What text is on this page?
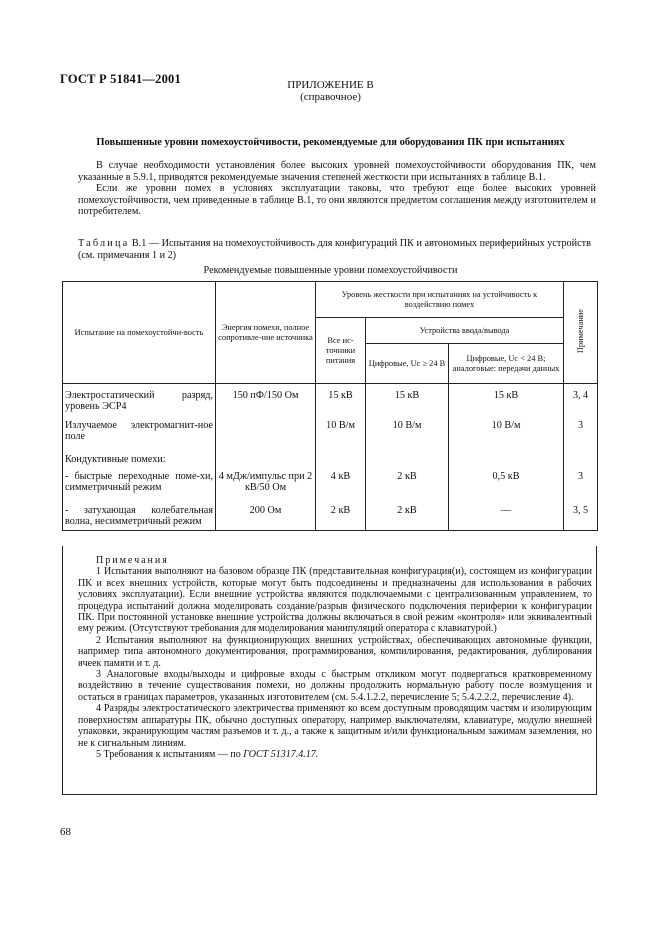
ГОСТ Р 51841—2001	ПРИЛОЖЕНИЕ В
(справочное)
Повышенные уровни помехоустойчивости, рекомендуемые для оборудования ПК при испытаниях

В случае необходимости установления более высоких уровней помехоустойчивости оборудования ПК, чем указанные в 5.9.1, приводятся рекомендуемые значения степеней жесткости при испытаниях в таблице В.1.

Если же уровни помех в условиях эксплуатации таковы, что требуют еще более высоких уровней помехоустойчивости, чем приведенные в таблице В.1, то они являются предметом соглашения между изготовителем и потребителем.

Таблица В.1 — Испытания на помехоустойчивость для конфигураций ПК и автономных периферийных устройств (см. примечания 1 и 2)
Рекомендуемые повышенные уровни помехоустойчивости
Испытание на помехоустойчи-вость	Энергия помехи, полное сопротивле-ние источника	Уровень жесткости при испытаниях на устойчивость к воздействию помех			Примечание
		Все ис-точники питания	Устройства ввода/вывода		
			Цифровые, Uc ≥ 24 В	Цифровые, Uc < 24 В; аналоговые: передачи данных	
Электростатический разряд, уровень ЭСР4	150 пФ/150 Ом	15 кВ	15 кВ	15 кВ	3, 4
Излучаемое электромагнит-ное поле		10 В/м	10 В/м	10 В/м	3
Кондуктивные помехи:					
- быстрые переходные поме-хи, симметричный режим	4 мДж/импульс при 2 кВ/50 Ом	4 кВ	2 кВ	0,5 кВ	3
- затухающая колебательная волна, несимметричный режим	200 Ом	2 кВ	2 кВ	—	3, 5

Примечания

1 Испытания выполняют на базовом образце ПК (представительная конфигурация(и), состоящем из конфигурации ПК и всех внешних устройств, которые могут быть подсоединены и предназначены для использования в рабочих условиях эксплуатации). Если внешние устройства являются подключаемыми с централизованным управлением, то процедура испытаний должна моделировать создание/разрыв физического подключения периферии к конфигурации ПК. При постоянной установке внешние устройства должны включаться в свой режим «контроля» или эквивалентный ему режим. (Отсутствуют требования для моделирования манипуляций оператора с клавиатурой.)

2 Испытания выполняют на функционирующих внешних устройствах, обеспечивающих автономные функции, например типа автономного документирования, программирования, компилирования, редактирования, дублирования ячеек памяти и т. д.

3 Аналоговые входы/выходы и цифровые входы с быстрым откликом могут подвергаться кратковременному воздействию в течение существования помехи, но должны продолжить нормальную работу после возмущения и остаться в границах параметров, указанных изготовителем (см. 5.4.1.2.2, перечисление 5; 5.4.2.2.2, перечисление 4).

4 Разряды электростатического электричества применяют ко всем доступным проводящим частям и изолирующим поверхностям аппаратуры ПК, обычно доступных оператору, например выключателям, клавиатуре, модулю внешней упаковки, экранирующим частям разъемов и т. д., а также к защитным и/или функциональным зажимам заземления, но не к сигнальным линиям.

5 Требования к испытаниям — по ГОСТ 51317.4.17.

68
